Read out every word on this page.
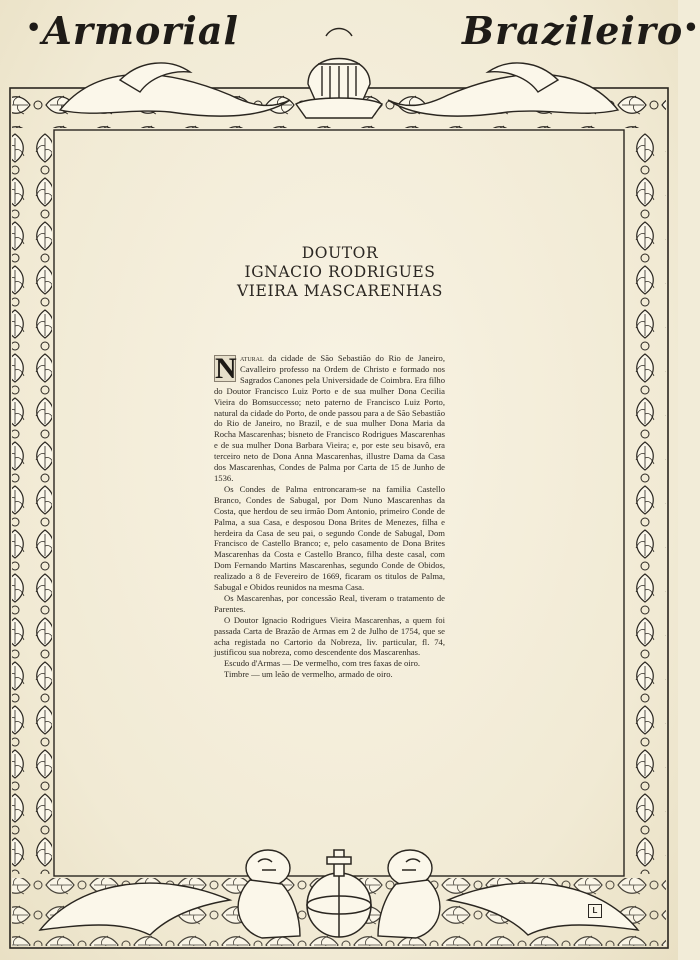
•Armorial	Brazileiro•
DOUTOR
IGNACIO RODRIGUES
VIEIRA MASCARENHAS

N atural da cidade de São Sebastião do Rio de Janeiro, Cavalleiro professo na Ordem de Christo e formado nos Sagrados Canones pela Universidade de Coimbra. Era filho do Doutor Francisco Luiz Porto e de sua mulher Dona Cecilia Vieira do Bomsuccesso; neto paterno de Francisco Luiz Porto, natural da cidade do Porto, de onde passou para a de São Sebastião do Rio de Janeiro, no Brazil, e de sua mulher Dona Maria da Rocha Mascarenhas; bisneto de Francisco Rodrigues Mascarenhas e de sua mulher Dona Barbara Vieira; e, por este seu bisavô, era terceiro neto de Dona Anna Mascarenhas, illustre Dama da Casa dos Mascarenhas, Condes de Palma por Carta de 15 de Junho de 1536.

Os Condes de Palma entroncaram-se na familia Castello Branco, Condes de Sabugal, por Dom Nuno Mascarenhas da Costa, que herdou de seu irmão Dom Antonio, primeiro Conde de Palma, a sua Casa, e desposou Dona Brites de Menezes, filha e herdeira da Casa de seu pai, o segundo Conde de Sabugal, Dom Francisco de Castello Branco; e, pelo casamento de Dona Brites Mascarenhas da Costa e Castello Branco, filha deste casal, com Dom Fernando Martins Mascarenhas, segundo Conde de Obidos, realizado a 8 de Fevereiro de 1669, ficaram os titulos de Palma, Sabugal e Obidos reunidos na mesma Casa.

Os Mascarenhas, por concessão Real, tiveram o tratamento de Parentes.

O Doutor Ignacio Rodrigues Vieira Mascarenhas, a quem foi passada Carta de Brazão de Armas em 2 de Julho de 1754, que se acha registada no Cartorio da Nobreza, liv. particular, fl. 74, justificou sua nobreza, como descendente dos Mascarenhas.

Escudo d'Armas — De vermelho, com tres faxas de oiro.

Timbre — um leão de vermelho, armado de oiro.

L
